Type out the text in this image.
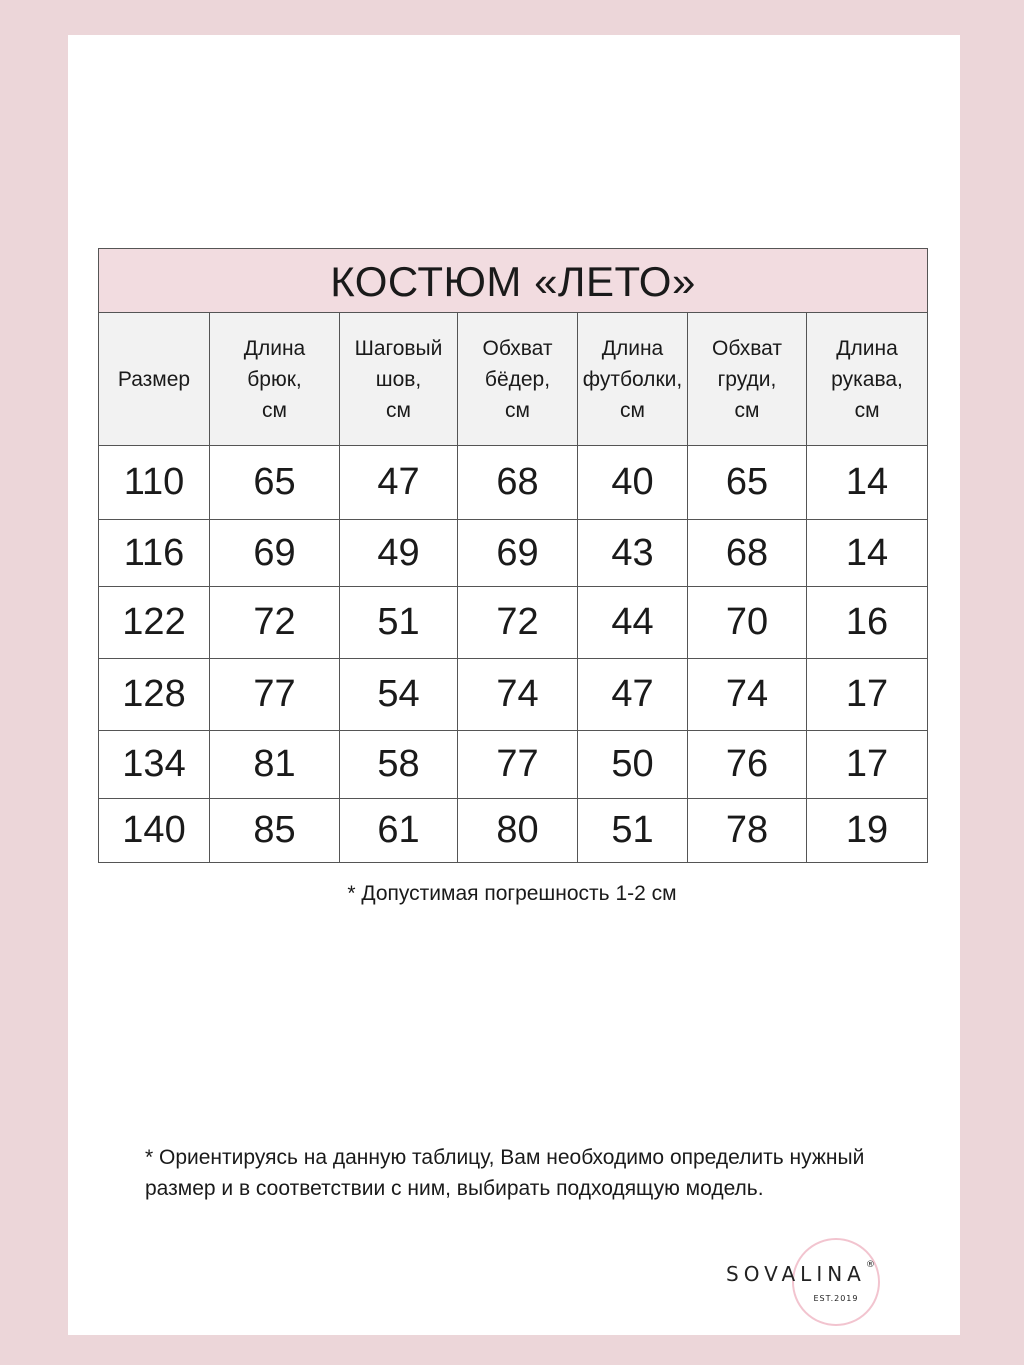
КОСТЮМ «ЛЕТО»						

Размер	Длина
брюк,
см	Шаговый
шов,
см	Обхват
бёдер,
см	Длина
футболки,
см	Обхват
груди,
см	Длина
рукава,
см

110	65	47	68	40	65	14
116	69	49	69	43	68	14
122	72	51	72	44	70	16
128	77	54	74	47	74	17
134	81	58	77	50	76	17
140	85	61	80	51	78	19
* Допустимая погрешность 1-2 см
* Ориентируясь на данную таблицу, Вам необходимо определить нужный размер и в соответствии с ним, выбирать подходящую модель.
SOVALINA®
EST.2019
